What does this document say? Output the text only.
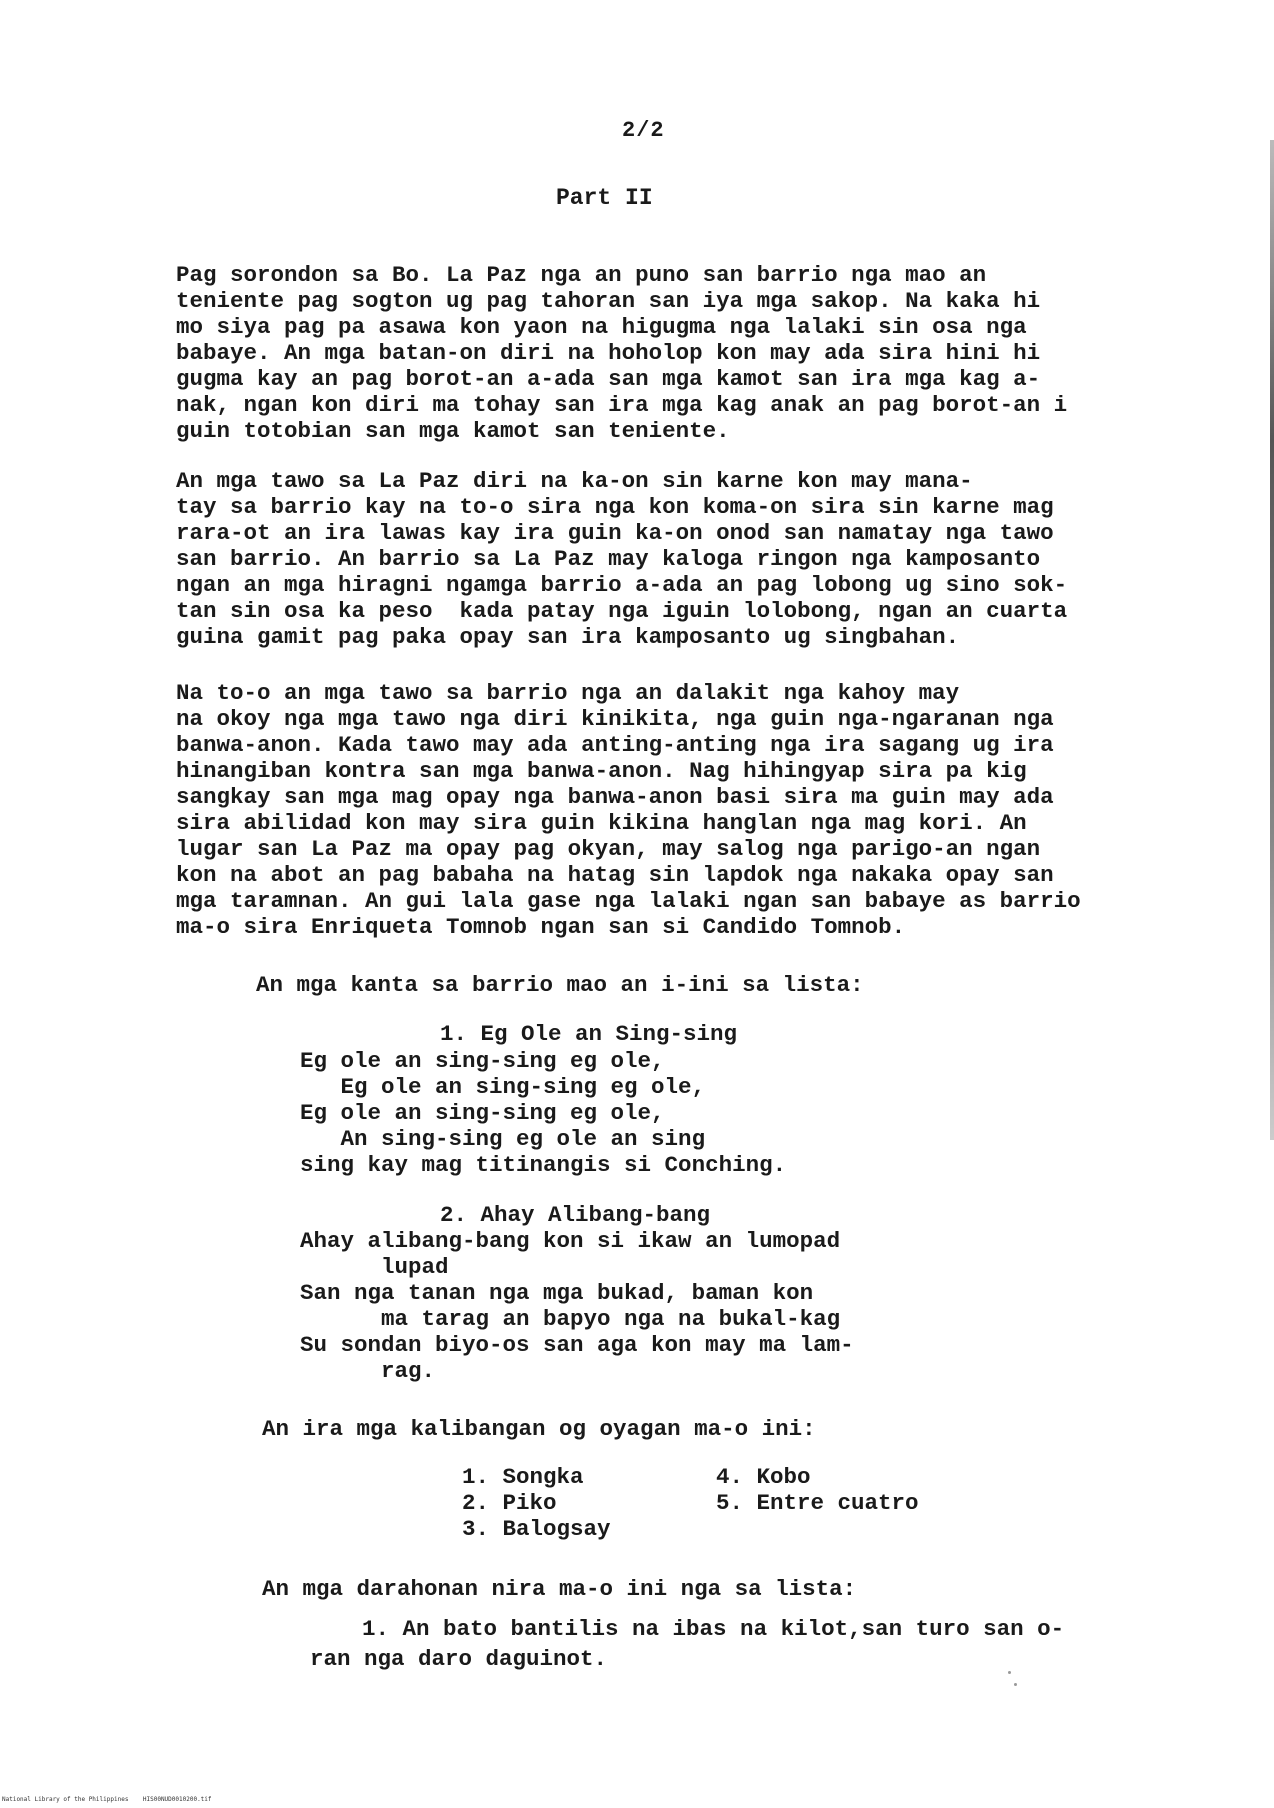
2/2
Part II
Pag sorondon sa Bo. La Paz nga an puno san barrio nga mao an
teniente pag sogton ug pag tahoran san iya mga sakop. Na kaka hi
mo siya pag pa asawa kon yaon na higugma nga lalaki sin osa nga
babaye. An mga batan-on diri na hoholop kon may ada sira hini hi
gugma kay an pag borot-an a-ada san mga kamot san ira mga kag a-
nak, ngan kon diri ma tohay san ira mga kag anak an pag borot-an i
guin totobian san mga kamot san teniente.
An mga tawo sa La Paz diri na ka-on sin karne kon may mana-
tay sa barrio kay na to-o sira nga kon koma-on sira sin karne mag
rara-ot an ira lawas kay ira guin ka-on onod san namatay nga tawo
san barrio. An barrio sa La Paz may kaloga ringon nga kamposanto
ngan an mga hiragni ngamga barrio a-ada an pag lobong ug sino sok-
tan sin osa ka peso  kada patay nga iguin lolobong, ngan an cuarta
guina gamit pag paka opay san ira kamposanto ug singbahan.
Na to-o an mga tawo sa barrio nga an dalakit nga kahoy may
na okoy nga mga tawo nga diri kinikita, nga guin nga-ngaranan nga
banwa-anon. Kada tawo may ada anting-anting nga ira sagang ug ira
hinangiban kontra san mga banwa-anon. Nag hihingyap sira pa kig
sangkay san mga mag opay nga banwa-anon basi sira ma guin may ada
sira abilidad kon may sira guin kikina hanglan nga mag kori. An
lugar san La Paz ma opay pag okyan, may salog nga parigo-an ngan
kon na abot an pag babaha na hatag sin lapdok nga nakaka opay san
mga taramnan. An gui lala gase nga lalaki ngan san babaye as barrio
ma-o sira Enriqueta Tomnob ngan san si Candido Tomnob.
An mga kanta sa barrio mao an i-ini sa lista:
1. Eg Ole an Sing-sing
Eg ole an sing-sing eg ole,
Eg ole an sing-sing eg ole,
Eg ole an sing-sing eg ole,
An sing-sing eg ole an sing
sing kay mag titinangis si Conching.
2. Ahay Alibang-bang
Ahay alibang-bang kon si ikaw an lumopad
lupad
San nga tanan nga mga bukad, baman kon
ma tarag an bapyo nga na bukal-kag
Su sondan biyo-os san aga kon may ma lam-
rag.
An ira mga kalibangan og oyagan ma-o ini:
1. Songka
2. Piko
3. Balogsay
4. Kobo
5. Entre cuatro
An mga darahonan nira ma-o ini nga sa lista:
1. An bato bantilis na ibas na kilot,san turo san o-
ran nga daro daguinot.
National Library of the Philippines    HIS00NUD0010200.tif
